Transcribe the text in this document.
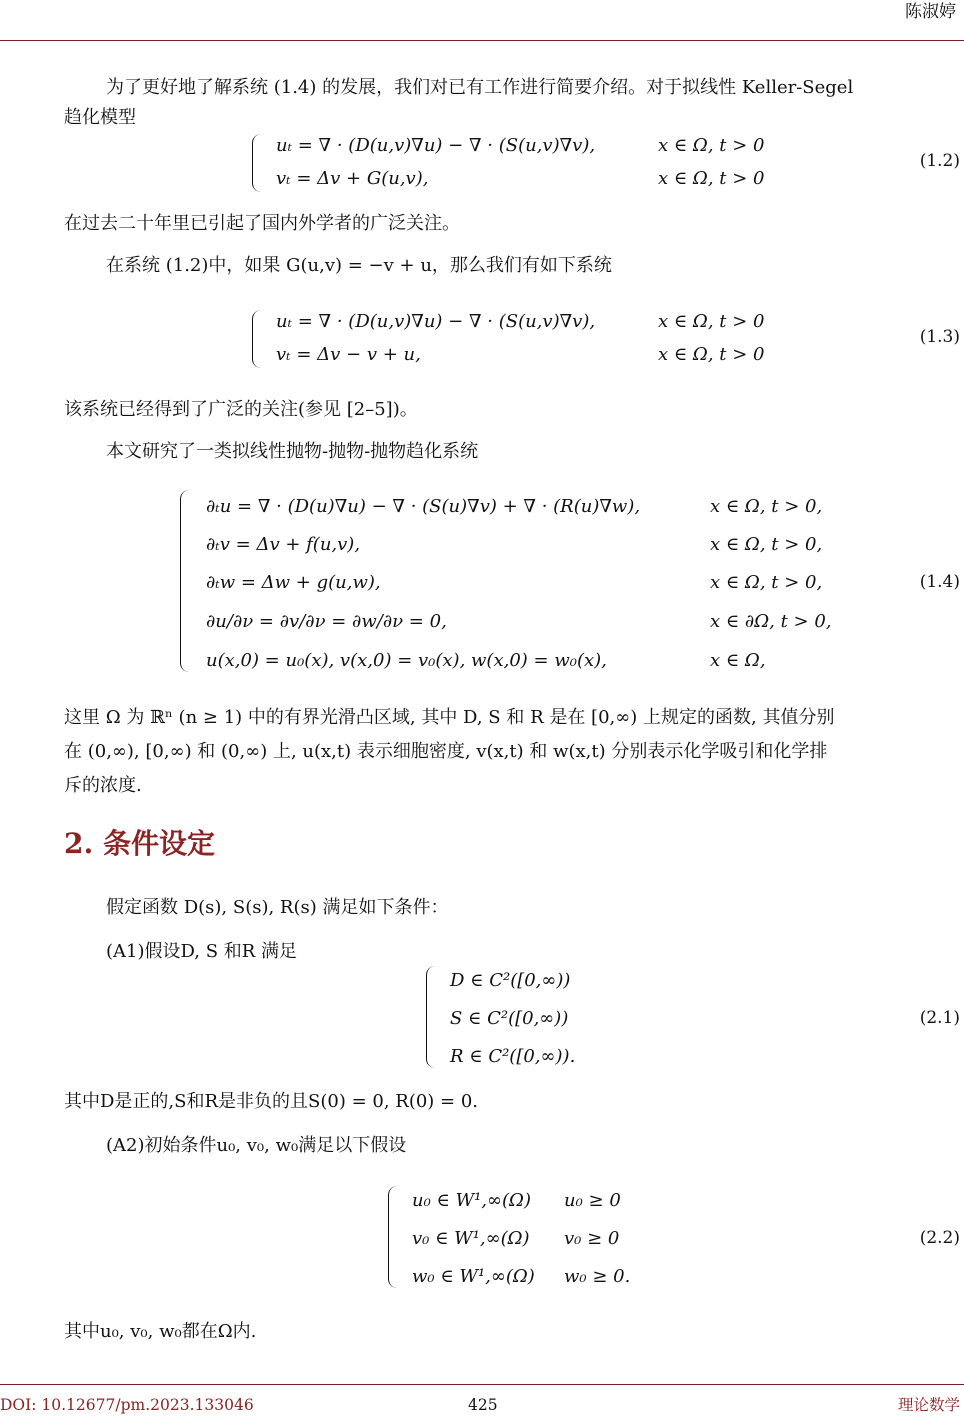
陈淑婷
为了更好地了解系统 (1.4) 的发展，我们对已有工作进行简要介绍。对于拟线性 Keller-Segel
趋化模型
uₜ = ∇ · (D(u,v)∇u) − ∇ · (S(u,v)∇v),
vₜ = Δv + G(u,v),
x ∈ Ω, t > 0
x ∈ Ω, t > 0
(1.2)
在过去二十年里已引起了国内外学者的广泛关注。
在系统 (1.2)中，如果 G(u,v) = −v + u，那么我们有如下系统
uₜ = ∇ · (D(u,v)∇u) − ∇ · (S(u,v)∇v),
vₜ = Δv − v + u,
x ∈ Ω, t > 0
x ∈ Ω, t > 0
(1.3)
该系统已经得到了广泛的关注(参见 [2–5])。
本文研究了一类拟线性抛物-抛物-抛物趋化系统
∂ₜu = ∇ · (D(u)∇u) − ∇ · (S(u)∇v) + ∇ · (R(u)∇w),
∂ₜv = Δv + f(u,v),
∂ₜw = Δw + g(u,w),
∂u/∂ν = ∂v/∂ν = ∂w/∂ν = 0,
u(x,0) = u₀(x), v(x,0) = v₀(x), w(x,0) = w₀(x),
x ∈ Ω, t > 0,
x ∈ Ω, t > 0,
x ∈ Ω, t > 0,
x ∈ ∂Ω, t > 0,
x ∈ Ω,
(1.4)
这里 Ω 为 ℝⁿ (n ≥ 1) 中的有界光滑凸区域, 其中 D, S 和 R 是在 [0,∞) 上规定的函数, 其值分别
在 (0,∞), [0,∞) 和 (0,∞) 上, u(x,t) 表示细胞密度, v(x,t) 和 w(x,t) 分别表示化学吸引和化学排
斥的浓度.
2. 条件设定
假定函数 D(s), S(s), R(s) 满足如下条件：
(A1)假设D, S 和R 满足
D ∈ C²([0,∞))
S ∈ C²([0,∞))
R ∈ C²([0,∞)).
(2.1)
其中D是正的,S和R是非负的且S(0) = 0, R(0) = 0.
(A2)初始条件u₀, v₀, w₀满足以下假设
u₀ ∈ W¹,∞(Ω)
v₀ ∈ W¹,∞(Ω)
w₀ ∈ W¹,∞(Ω)
u₀ ≥ 0
v₀ ≥ 0
w₀ ≥ 0.
(2.2)
其中u₀, v₀, w₀都在Ω内.
DOI: 10.12677/pm.2023.133046	425	理论数学
